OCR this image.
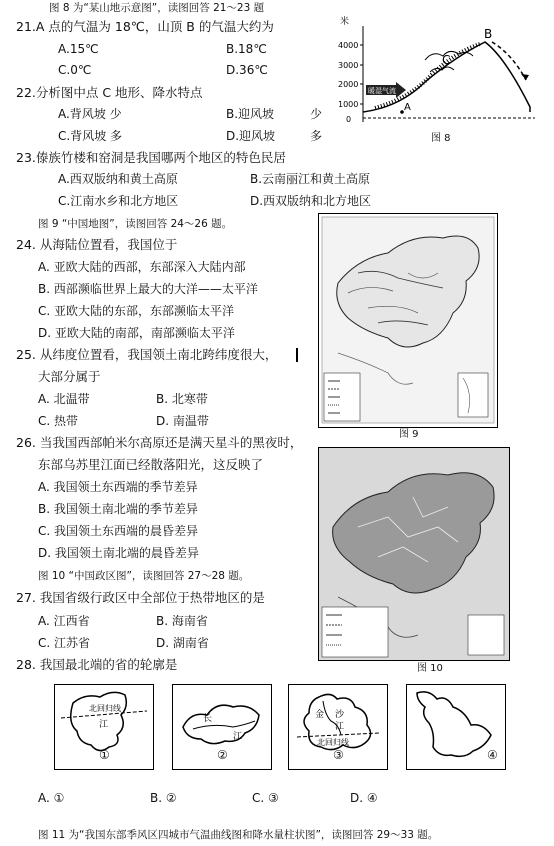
图 8 为“某山地示意图”，读图回答 21～23 题
21.A 点的气温为 18℃，山顶 B 的气温大约为
A.15℃	B.18℃
C.0℃	D.36℃
22.分析图中点 C 地形、降水特点
A.背风坡 少	B.迎风坡	少
C.背风坡 多	D.迎风坡	多
23.傣族竹楼和窑洞是我国哪两个地区的特色民居
A.西双版纳和黄土高原	B.云南丽江和黄土高原
C.江南水乡和北方地区	D.西双版纳和北方地区
图 9 “中国地图”，读图回答 24～26 题。
24. 从海陆位置看，我国位于
A. 亚欧大陆的西部，东部深入大陆内部
B. 西部濒临世界上最大的大洋——太平洋
C. 亚欧大陆的东部，东部濒临太平洋
D. 亚欧大陆的南部，南部濒临太平洋
25. 从纬度位置看，我国领土南北跨纬度很大，
大部分属于
A. 北温带	B. 北寒带
C. 热带	D. 南温带
26. 当我国西部帕米尔高原还是满天星斗的黑夜时，
东部乌苏里江面已经散落阳光，这反映了
A. 我国领土东西端的季节差异
B. 我国领土南北端的季节差异
C. 我国领土东西端的晨昏差异
D. 我国领土南北端的晨昏差异
图 10 “中国政区图”，读图回答 27～28 题。
27. 我国省级行政区中全部位于热带地区的是
A. 江西省	B. 海南省
C. 江苏省	D. 湖南省
28. 我国最北端的省的轮廓是
A. ①	B. ②	C. ③	D. ④
图 11 为“我国东部季风区四城市气温曲线图和降水量柱状图”，读图回答 29～33 题。
米
4000
3000
2000
1000
0
暖湿气流
B
C
A
图 8
图 9
图 10
北回归线
江
①
长
江
②
金 沙
江
北回归线
③	④
